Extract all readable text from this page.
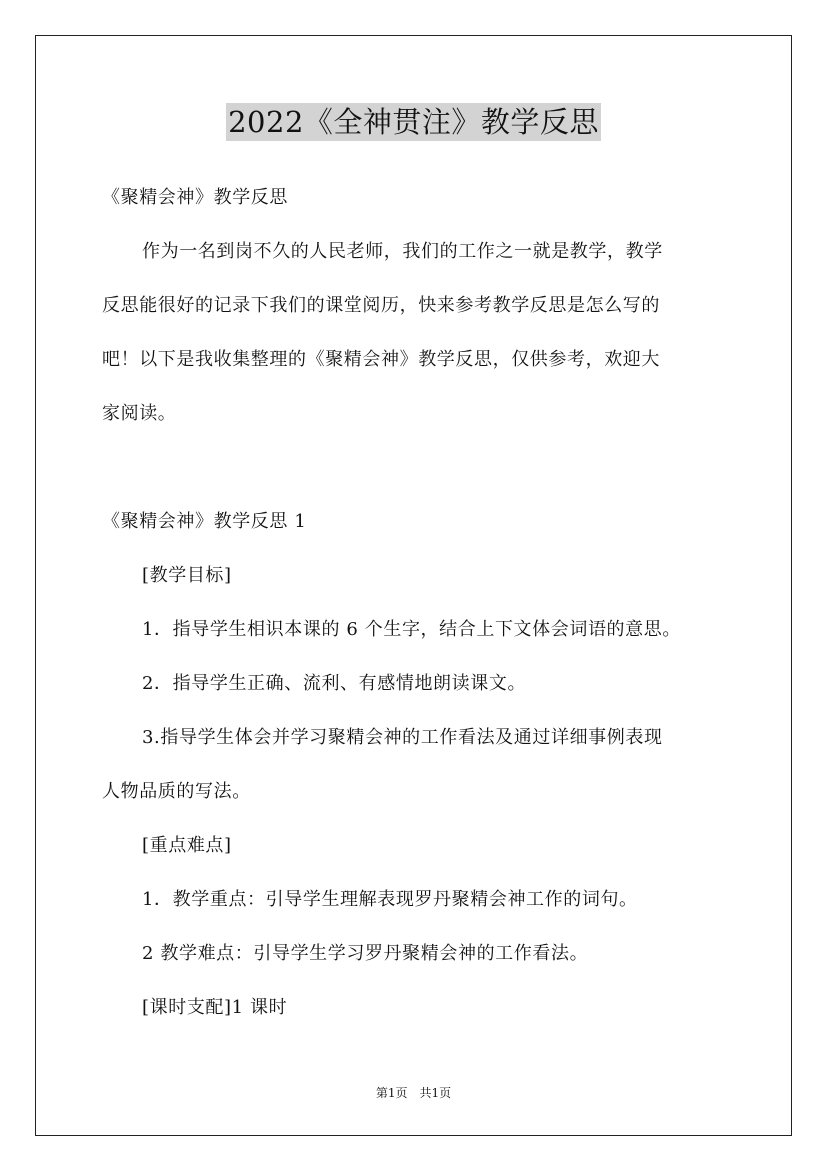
2022《全神贯注》教学反思
《聚精会神》教学反思
作为一名到岗不久的人民老师，我们的工作之一就是教学，教学
反思能很好的记录下我们的课堂阅历，快来参考教学反思是怎么写的
吧！以下是我收集整理的《聚精会神》教学反思，仅供参考，欢迎大
家阅读。
《聚精会神》教学反思 1
[教学目标]
1．指导学生相识本课的 6 个生字，结合上下文体会词语的意思。
2．指导学生正确、流利、有感情地朗读课文。
3.指导学生体会并学习聚精会神的工作看法及通过详细事例表现
人物品质的写法。
[重点难点]
1．教学重点：引导学生理解表现罗丹聚精会神工作的词句。
2 教学难点：引导学生学习罗丹聚精会神的工作看法。
[课时支配]1 课时
第1页　共1页
